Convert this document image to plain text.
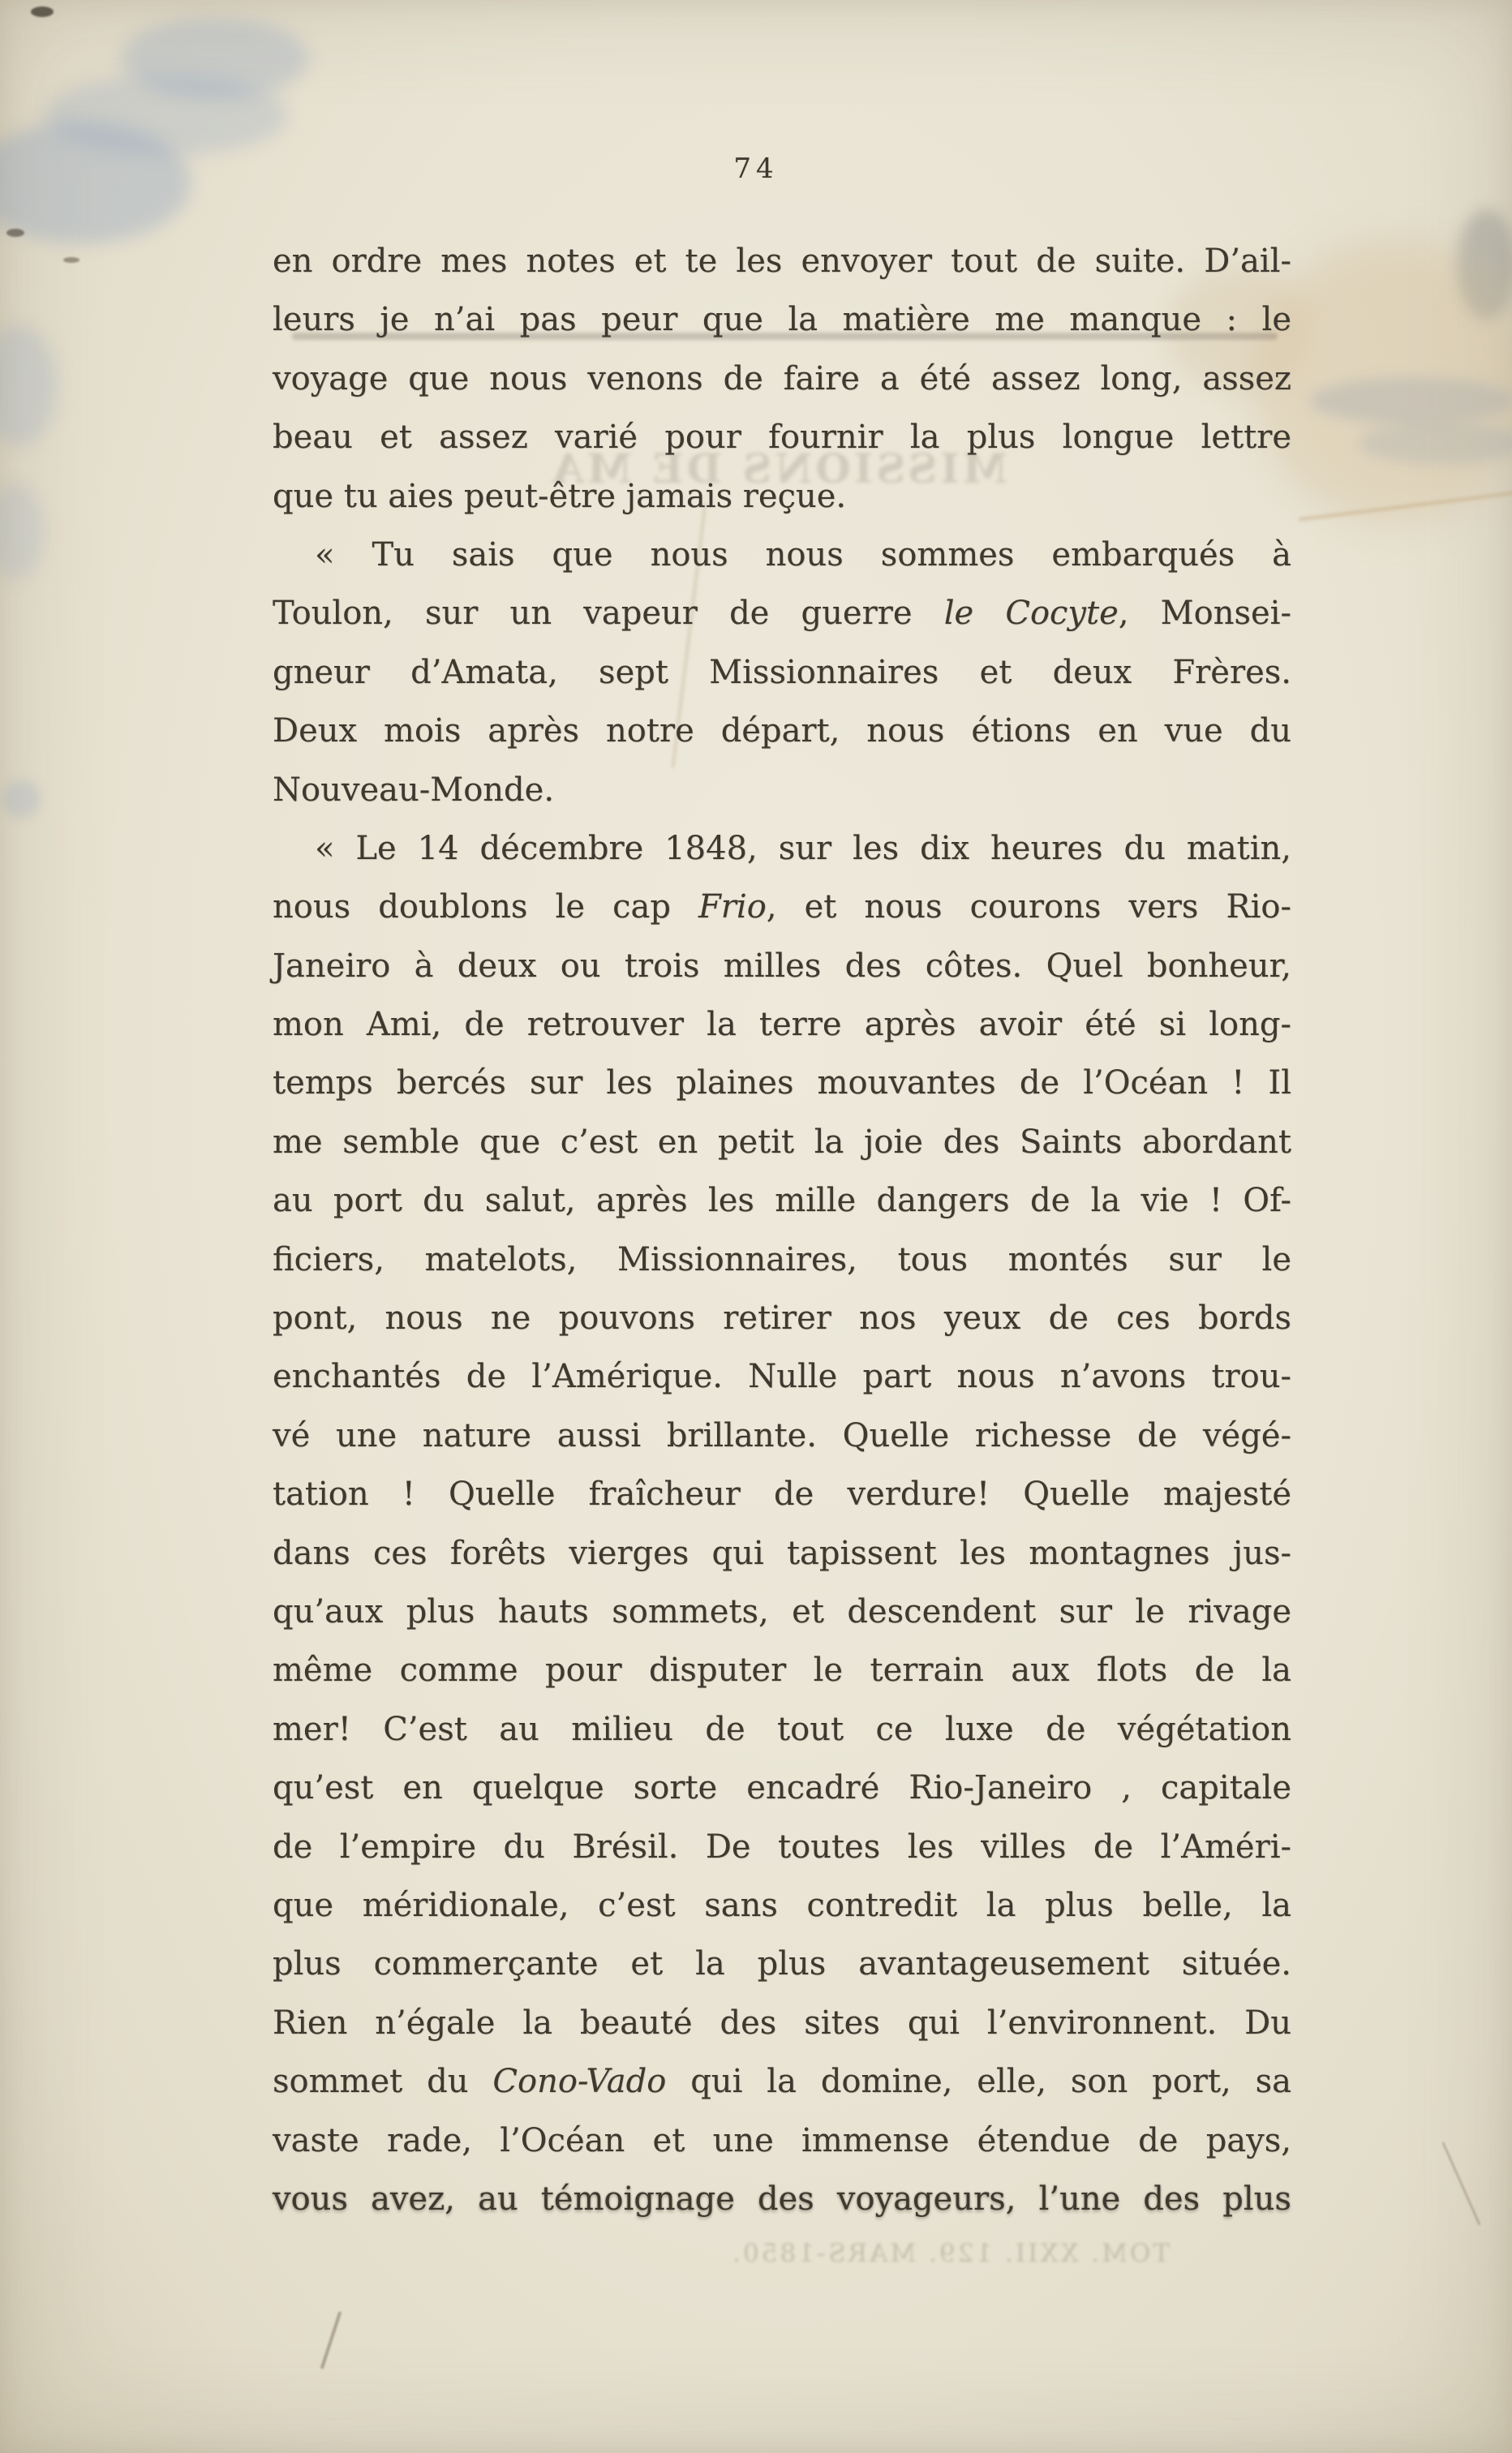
MISSIONS DE MA
TOM. XXII. 129. MARS-1850.
74
en ordre mes notes et te les envoyer tout de suite. D’ail-
leurs je n’ai pas peur que la matière me manque : le
voyage que nous venons de faire a été assez long, assez
beau et assez varié pour fournir la plus longue lettre
que tu aies peut-être jamais reçue.
« Tu sais que nous nous sommes embarqués à
Toulon, sur un vapeur de guerre le Cocyte, Monsei-
gneur d’Amata, sept Missionnaires et deux Frères.
Deux mois après notre départ, nous étions en vue du
Nouveau-Monde.
« Le 14 décembre 1848, sur les dix heures du matin,
nous doublons le cap Frio, et nous courons vers Rio-
Janeiro à deux ou trois milles des côtes. Quel bonheur,
mon Ami, de retrouver la terre après avoir été si long-
temps bercés sur les plaines mouvantes de l’Océan ! Il
me semble que c’est en petit la joie des Saints abordant
au port du salut, après les mille dangers de la vie ! Of-
ficiers, matelots, Missionnaires, tous montés sur le
pont, nous ne pouvons retirer nos yeux de ces bords
enchantés de l’Amérique. Nulle part nous n’avons trou-
vé une nature aussi brillante. Quelle richesse de végé-
tation ! Quelle fraîcheur de verdure! Quelle majesté
dans ces forêts vierges qui tapissent les montagnes jus-
qu’aux plus hauts sommets, et descendent sur le rivage
même comme pour disputer le terrain aux flots de la
mer! C’est au milieu de tout ce luxe de végétation
qu’est en quelque sorte encadré Rio-Janeiro , capitale
de l’empire du Brésil. De toutes les villes de l’Améri-
que méridionale, c’est sans contredit la plus belle, la
plus commerçante et la plus avantageusement située.
Rien n’égale la beauté des sites qui l’environnent. Du
sommet du Cono-Vado qui la domine, elle, son port, sa
vaste rade, l’Océan et une immense étendue de pays,
vous avez, au témoignage des voyageurs, l’une des plus
